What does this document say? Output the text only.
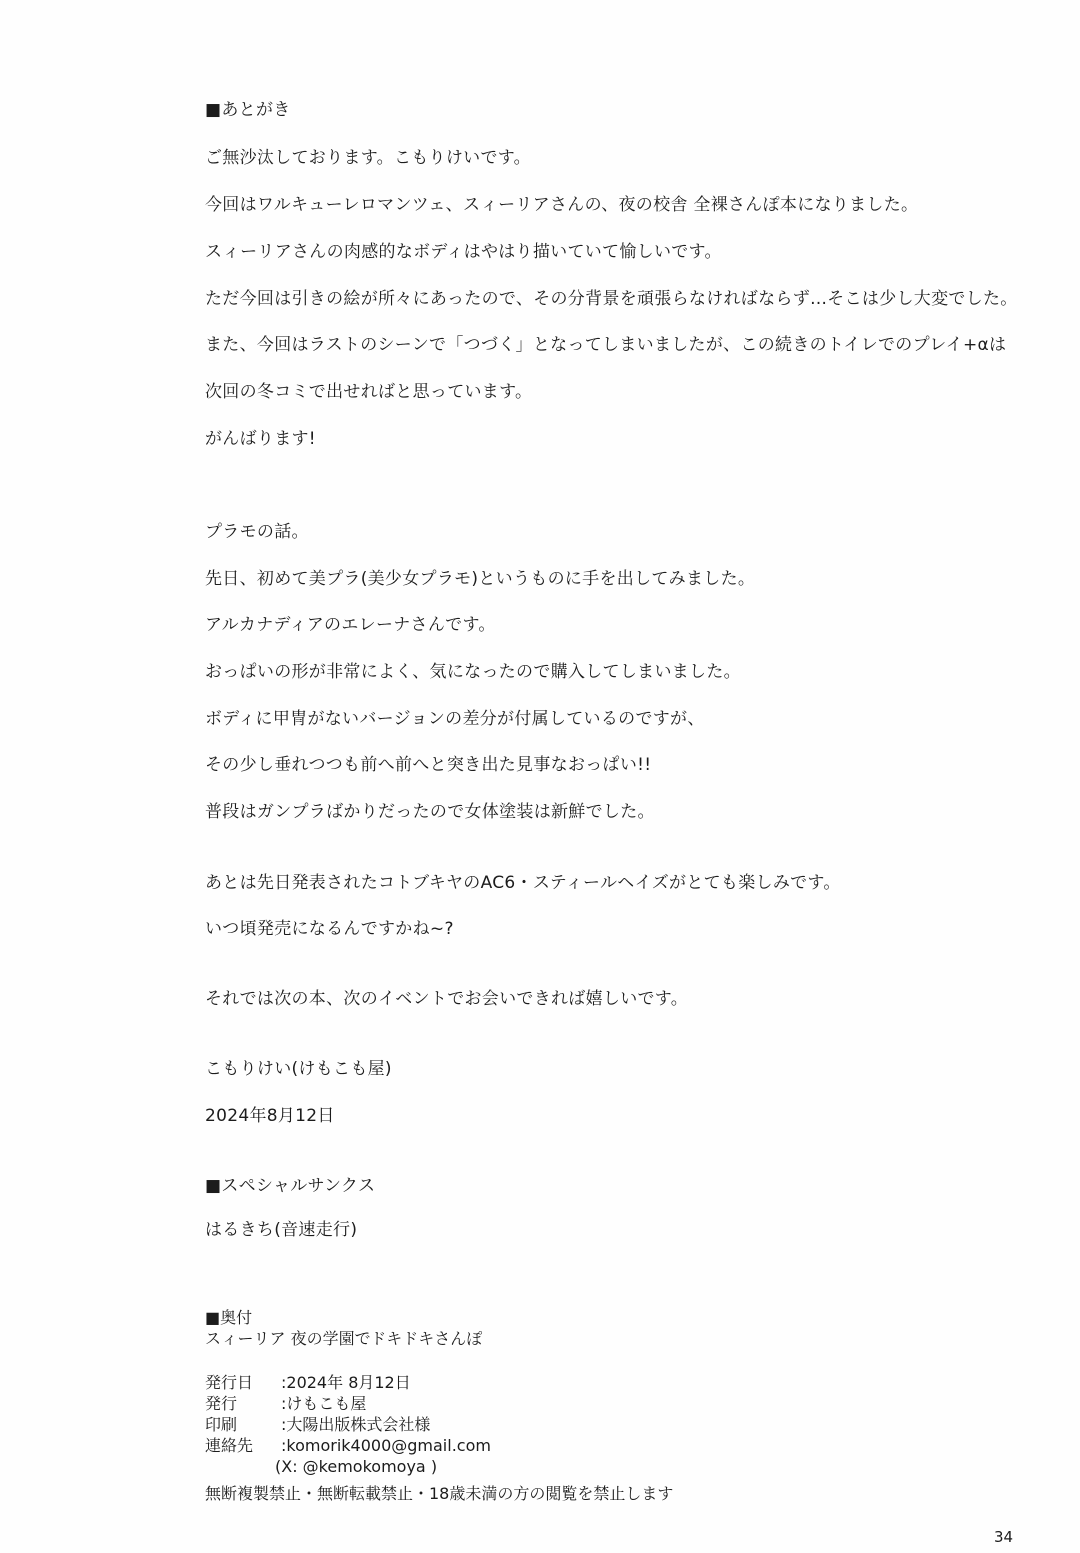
■あとがき
ご無沙汰しております。こもりけいです。
今回はワルキューレロマンツェ、スィーリアさんの、夜の校舎 全裸さんぽ本になりました。
スィーリアさんの肉感的なボディはやはり描いていて愉しいです。
ただ今回は引きの絵が所々にあったので、その分背景を頑張らなければならず…そこは少し大変でした。
また、今回はラストのシーンで「つづく」となってしまいましたが、この続きのトイレでのプレイ+αは
次回の冬コミで出せればと思っています。
がんばります!
プラモの話。
先日、初めて美プラ(美少女プラモ)というものに手を出してみました。
アルカナディアのエレーナさんです。
おっぱいの形が非常によく、気になったので購入してしまいました。
ボディに甲冑がないバージョンの差分が付属しているのですが、
その少し垂れつつも前へ前へと突き出た見事なおっぱい!!
普段はガンプラばかりだったので女体塗装は新鮮でした。
あとは先日発表されたコトブキヤのAC6・スティールヘイズがとても楽しみです。
いつ頃発売になるんですかね~?
それでは次の本、次のイベントでお会いできれば嬉しいです。
こもりけい(けもこも屋)
2024年8月12日
■スペシャルサンクス
はるきち(音速走行)
■奥付
スィーリア 夜の学園でドキドキさんぽ
発行日 :2024年 8月12日
発行	:けもこも屋
印刷	:大陽出版株式会社様
連絡先 :komorik4000@gmail.com
(X: @kemokomoya )
無断複製禁止・無断転載禁止・18歳未満の方の閲覧を禁止します
34
